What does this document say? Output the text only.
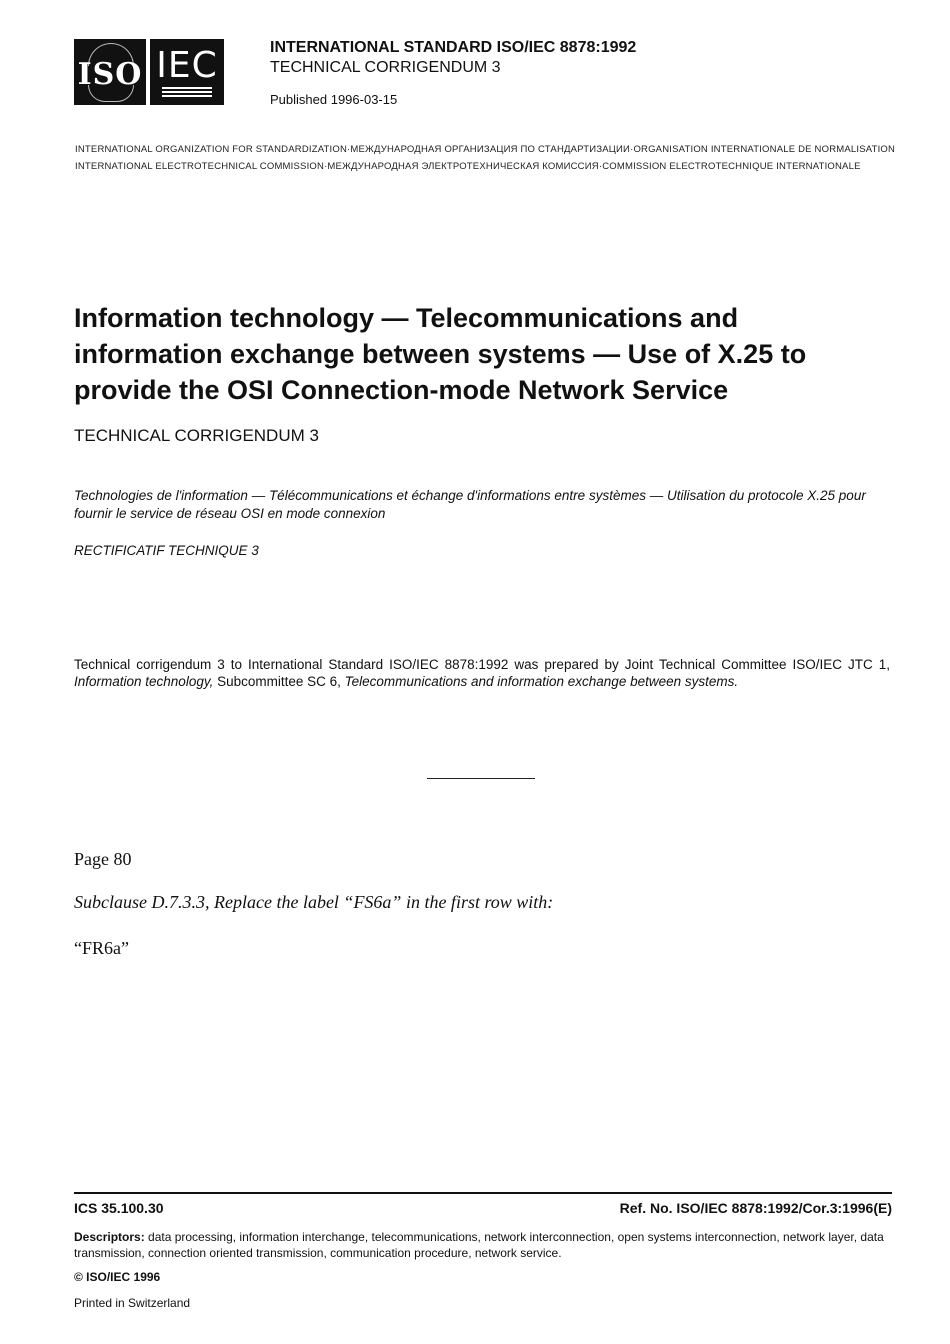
ISO IEC	INTERNATIONAL STANDARD ISO/IEC 8878:1992
TECHNICAL CORRIGENDUM 3
Published 1996-03-15
INTERNATIONAL ORGANIZATION FOR STANDARDIZATION·МЕЖДУНАРОДНАЯ ОРГАНИЗАЦИЯ ПО СТАНДАРТИЗАЦИИ·ORGANISATION INTERNATIONALE DE NORMALISATION
INTERNATIONAL ELECTROTECHNICAL COMMISSION·МЕЖДУНАРОДНАЯ ЭЛЕКТРОТЕХНИЧЕСКАЯ КОМИССИЯ·COMMISSION ELECTROTECHNIQUE INTERNATIONALE
Information technology — Telecommunications and information exchange between systems — Use of X.25 to provide the OSI Connection-mode Network Service
TECHNICAL CORRIGENDUM 3
Technologies de l'information — Télécommunications et échange d'informations entre systèmes — Utilisation du protocole X.25 pour fournir le service de réseau OSI en mode connexion
RECTIFICATIF TECHNIQUE 3
Technical corrigendum 3 to International Standard ISO/IEC 8878:1992 was prepared by Joint Technical Committee ISO/IEC JTC 1, Information technology, Subcommittee SC 6, Telecommunications and information exchange between systems.
Page 80
Subclause D.7.3.3, Replace the label “FS6a” in the first row with:
“FR6a”
ICS 35.100.30	Ref. No. ISO/IEC 8878:1992/Cor.3:1996(E)
Descriptors: data processing, information interchange, telecommunications, network interconnection, open systems interconnection, network layer, data transmission, connection oriented transmission, communication procedure, network service.
© ISO/IEC 1996
Printed in Switzerland
